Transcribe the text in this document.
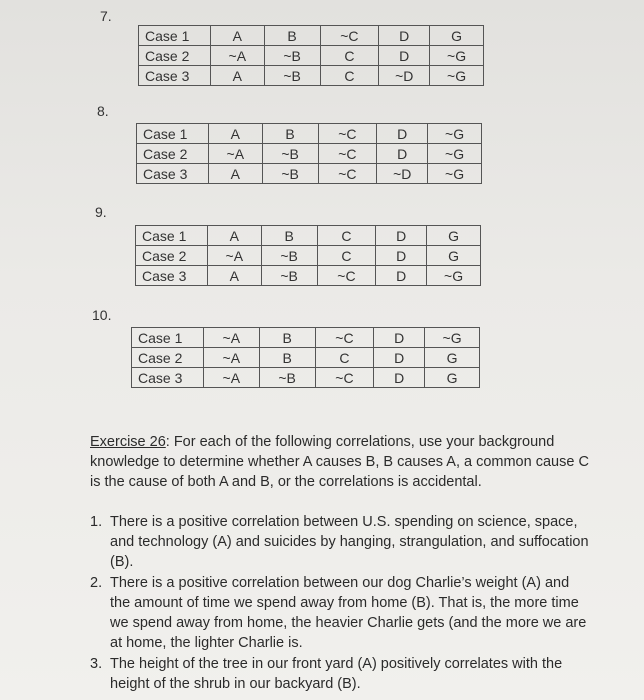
7.
Case 1	A	B	~C	D	G
Case 2	~A	~B	C	D	~G
Case 3	A	~B	C	~D	~G
8.
Case 1	A	B	~C	D	~G
Case 2	~A	~B	~C	D	~G
Case 3	A	~B	~C	~D	~G
9.
Case 1	A	B	C	D	G
Case 2	~A	~B	C	D	G
Case 3	A	~B	~C	D	~G
10.
Case 1	~A	B	~C	D	~G
Case 2	~A	B	C	D	G
Case 3	~A	~B	~C	D	G
Exercise 26: For each of the following correlations, use your background knowledge to determine whether A causes B, B causes A, a common cause C is the cause of both A and B, or the correlations is accidental.
1. There is a positive correlation between U.S. spending on science, space, and technology (A) and suicides by hanging, strangulation, and suffocation (B).
2. There is a positive correlation between our dog Charlie’s weight (A) and the amount of time we spend away from home (B). That is, the more time we spend away from home, the heavier Charlie gets (and the more we are at home, the lighter Charlie is.
3. The height of the tree in our front yard (A) positively correlates with the height of the shrub in our backyard (B).
